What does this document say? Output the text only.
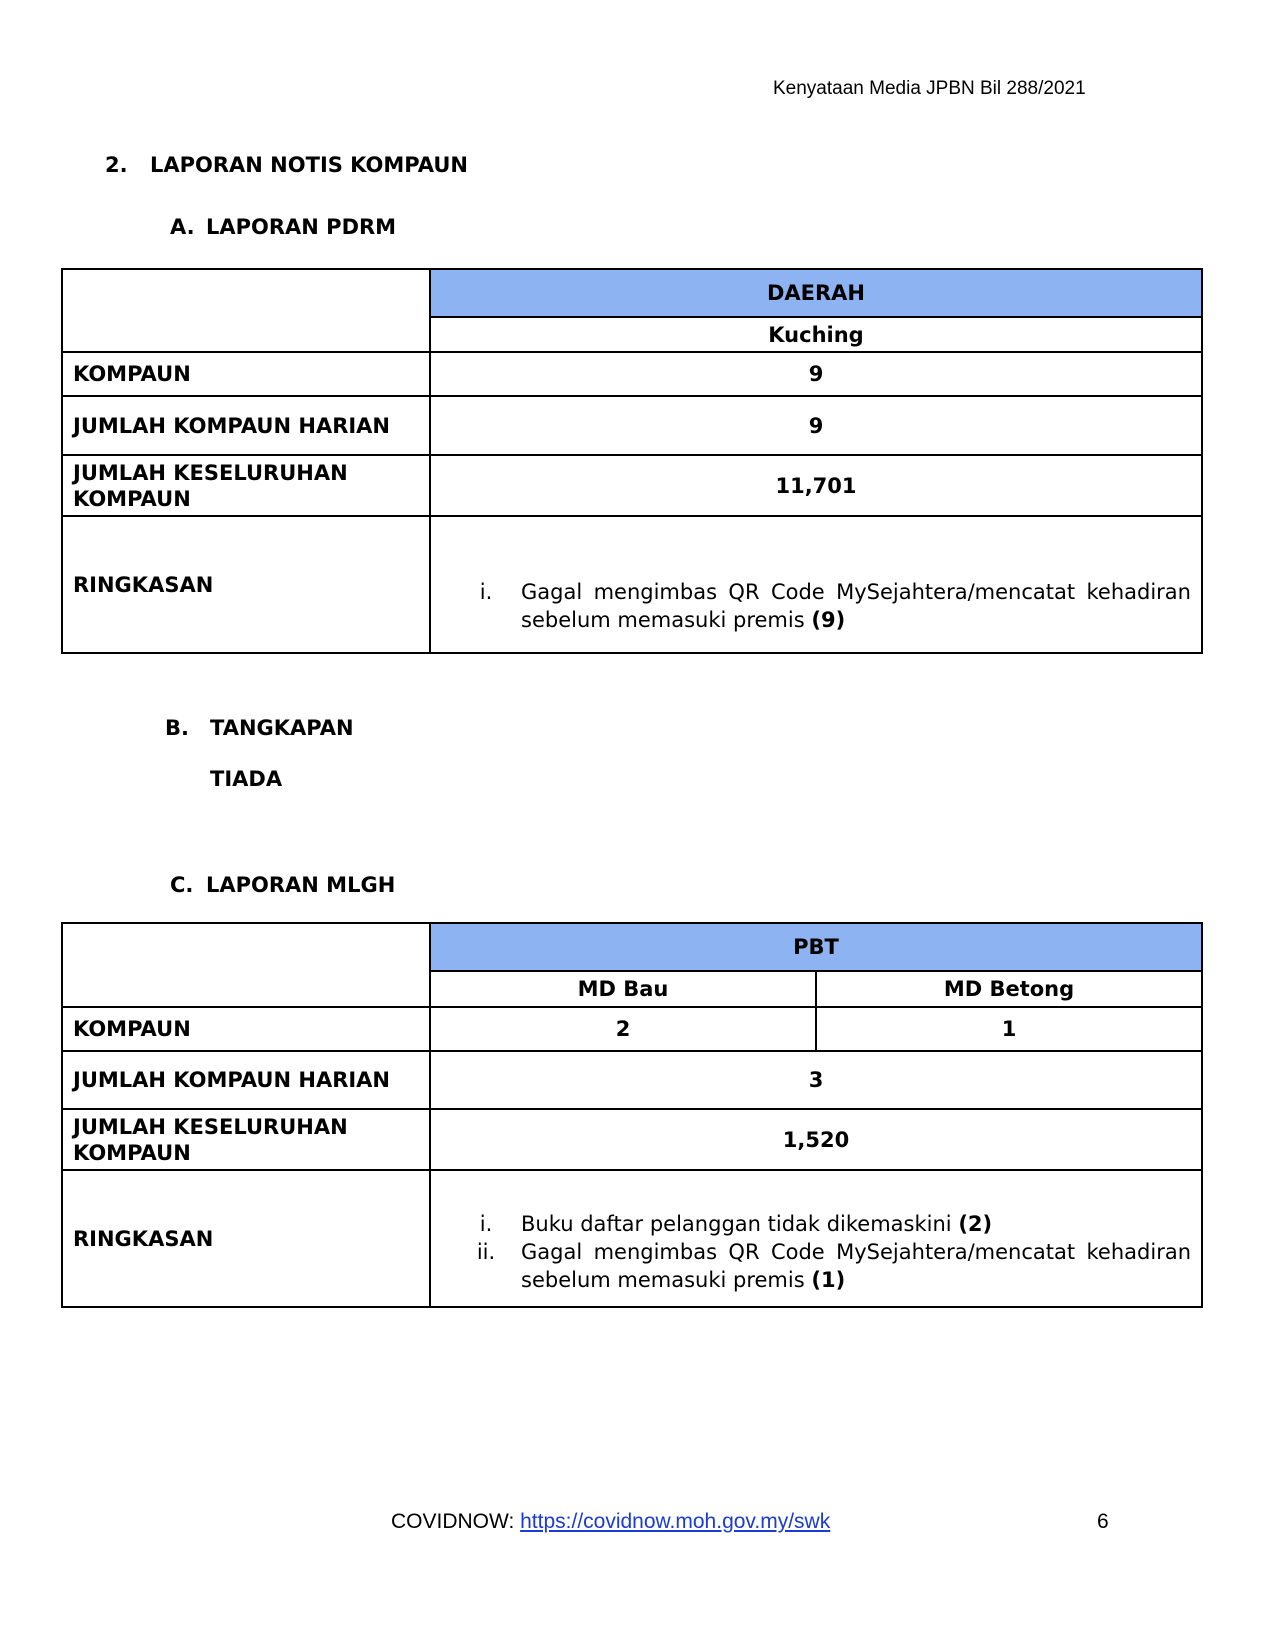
Kenyataan Media JPBN Bil 288/2021
2. LAPORAN NOTIS KOMPAUN
A. LAPORAN PDRM
	DAERAH
	Kuching
KOMPAUN	9
JUMLAH KOMPAUN HARIAN	9
JUMLAH KESELURUHAN
KOMPAUN	11,701
RINGKASAN	i. Gagal mengimbas QR Code MySejahtera/mencatat kehadiran sebelum memasuki premis (9)
B. TANGKAPAN
TIADA
C. LAPORAN MLGH
	PBT	
	MD Bau	MD Betong
KOMPAUN	2	1
JUMLAH KOMPAUN HARIAN	3	
JUMLAH KESELURUHAN
KOMPAUN	1,520	
RINGKASAN	i. Buku daftar pelanggan tidak dikemaskini (2)
ii. Gagal mengimbas QR Code MySejahtera/mencatat kehadiran sebelum memasuki premis (1)	
COVIDNOW: https://covidnow.moh.gov.my/swk	6
